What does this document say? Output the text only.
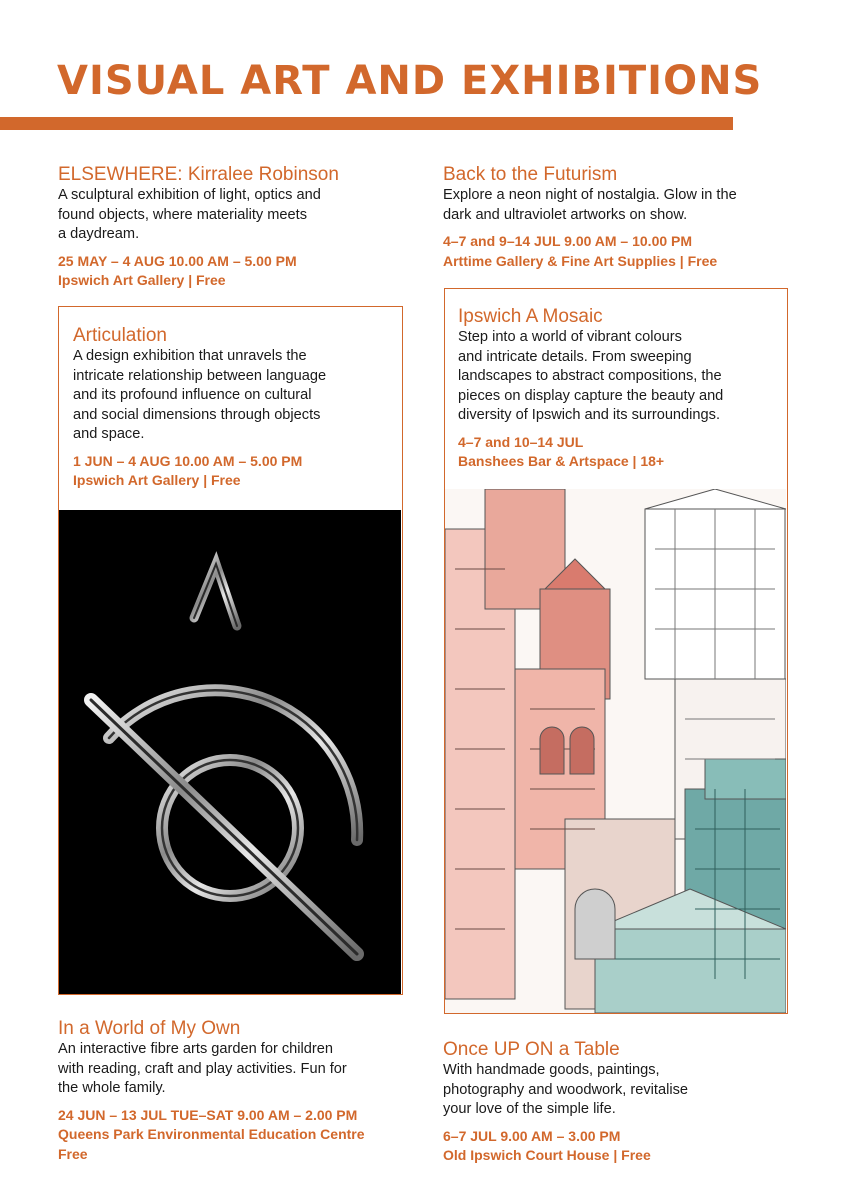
VISUAL ART AND EXHIBITIONS
ELSEWHERE: Kirralee Robinson
A sculptural exhibition of light, optics and
found objects, where materiality meets
a daydream.
25 MAY – 4 AUG 10.00 AM – 5.00 PM
Ipswich Art Gallery | Free
Articulation
A design exhibition that unravels the
intricate relationship between language
and its profound influence on cultural
and social dimensions through objects
and space.
1 JUN – 4 AUG 10.00 AM – 5.00 PM
Ipswich Art Gallery | Free
In a World of My Own
An interactive fibre arts garden for children
with reading, craft and play activities. Fun for
the whole family.
24 JUN – 13 JUL TUE–SAT 9.00 AM – 2.00 PM
Queens Park Environmental Education Centre
Free
Back to the Futurism
Explore a neon night of nostalgia. Glow in the
dark and ultraviolet artworks on show.
4–7 and 9–14 JUL 9.00 AM – 10.00 PM
Arttime Gallery & Fine Art Supplies | Free
Ipswich A Mosaic
Step into a world of vibrant colours
and intricate details. From sweeping
landscapes to abstract compositions, the
pieces on display capture the beauty and
diversity of Ipswich and its surroundings.
4–7 and 10–14 JUL
Banshees Bar & Artspace | 18+
Once UP ON a Table
With handmade goods, paintings,
photography and woodwork, revitalise
your love of the simple life.
6–7 JUL 9.00 AM – 3.00 PM
Old Ipswich Court House | Free
